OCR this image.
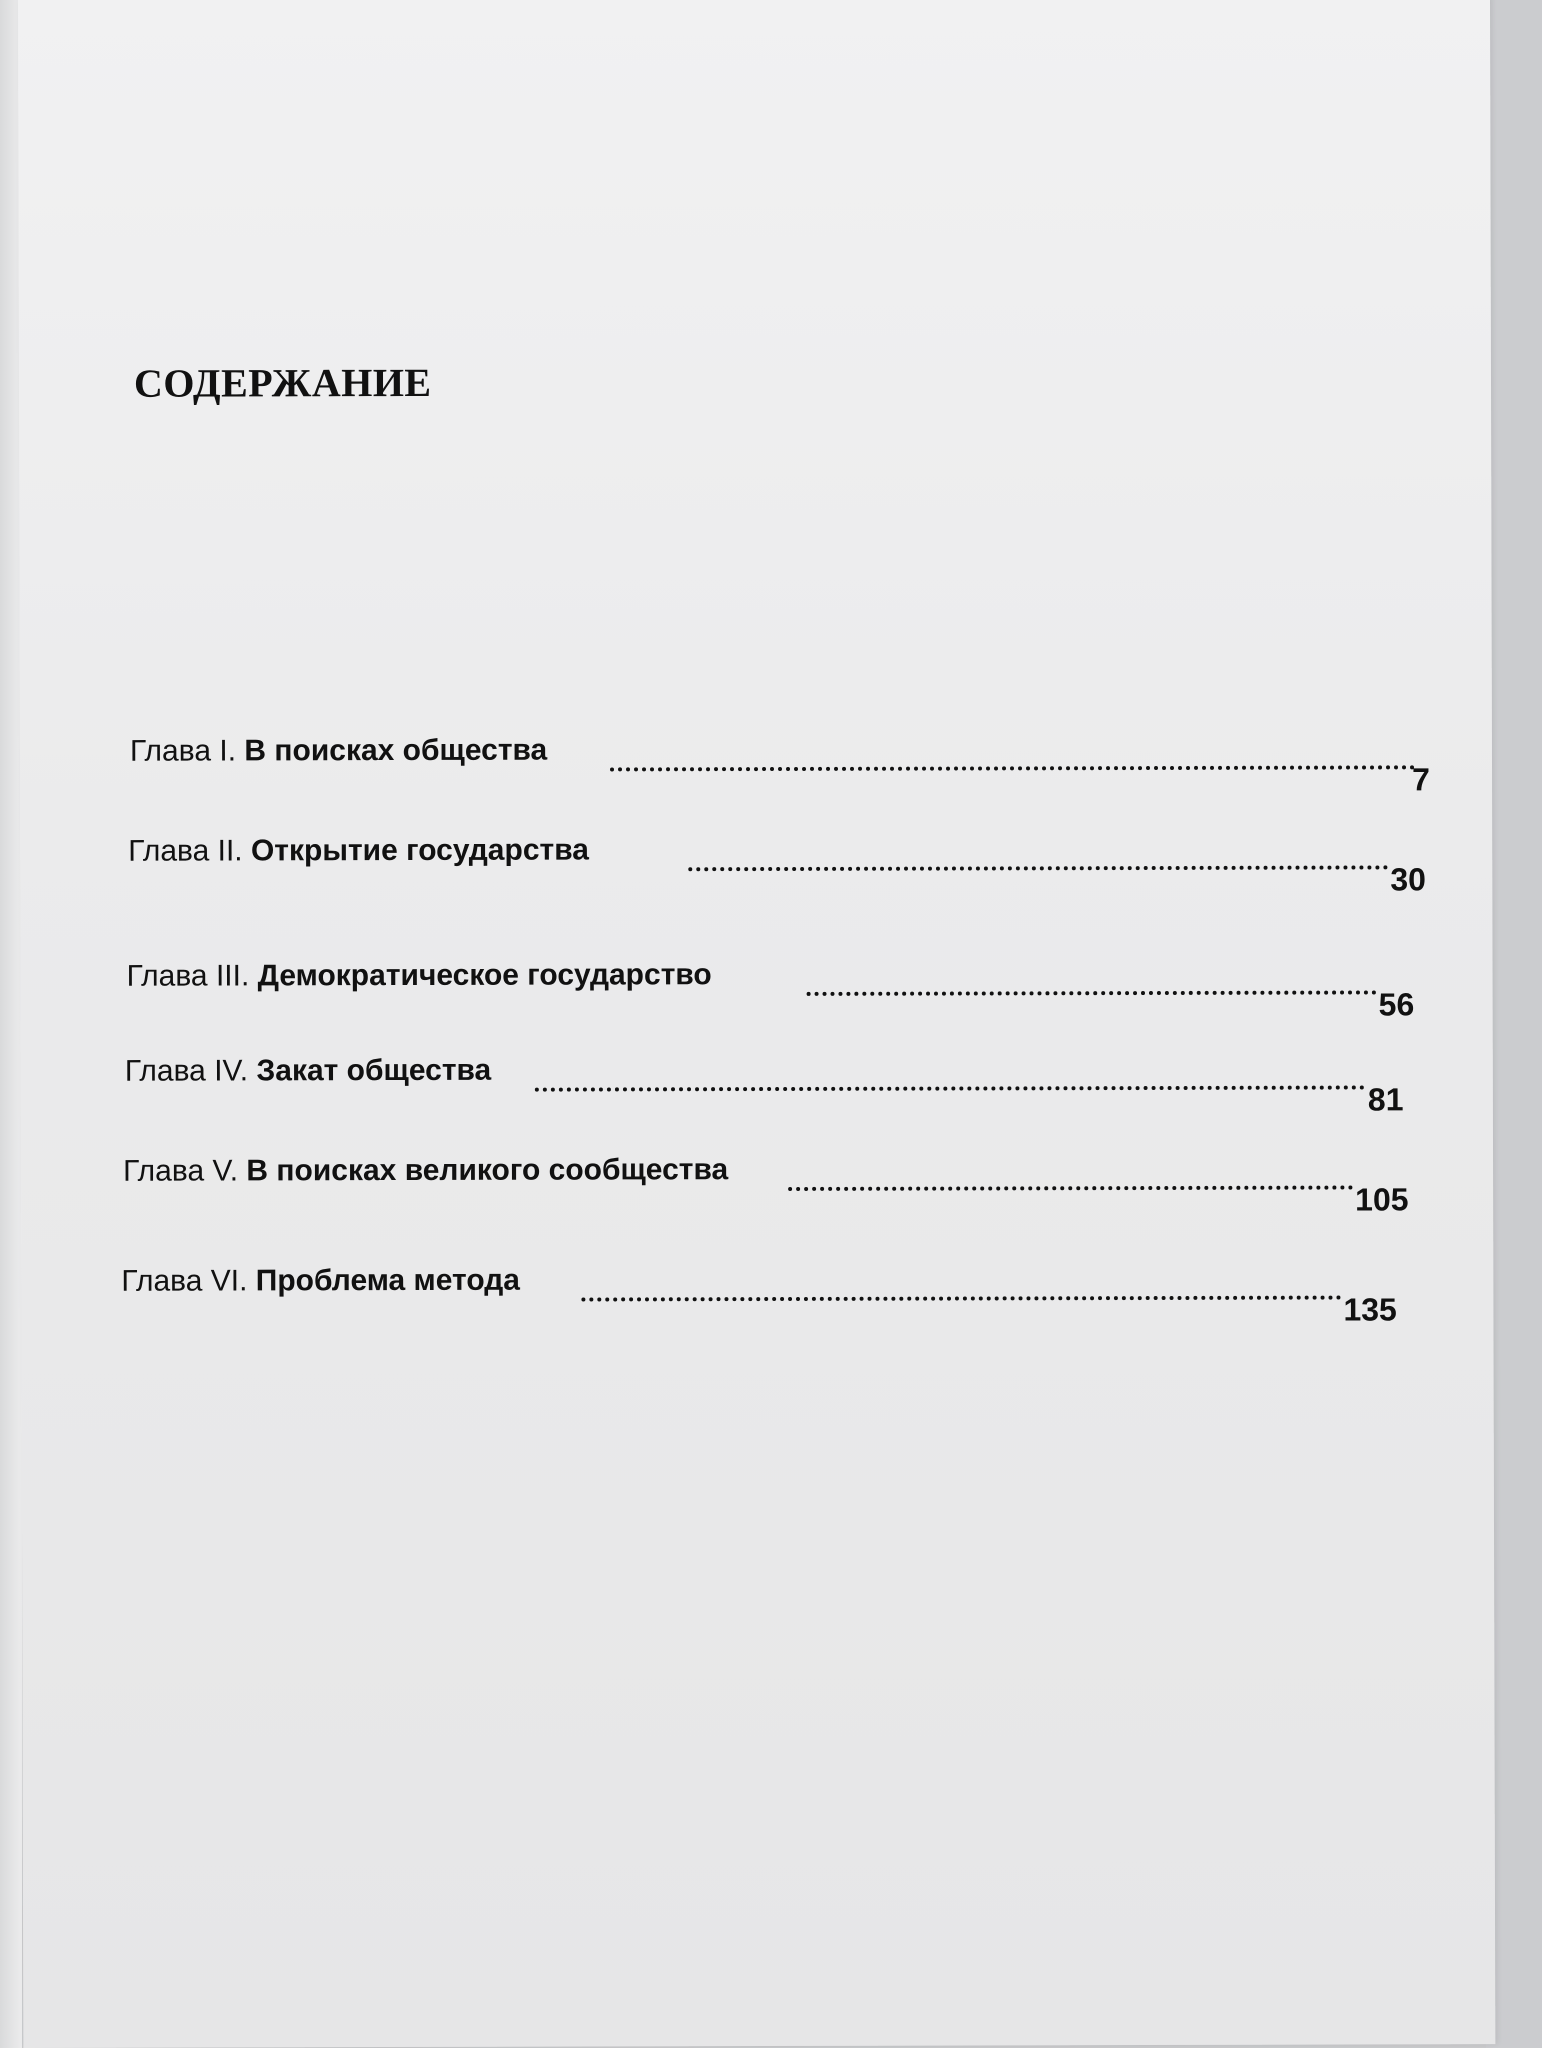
СОДЕРЖАНИЕ
Глава I. В поисках общества
7
Глава II. Открытие государства
30
Глава III. Демократическое государство
56
Глава IV. Закат общества
81
Глава V. В поисках великого сообщества
105
Глава VI. Проблема метода
135
